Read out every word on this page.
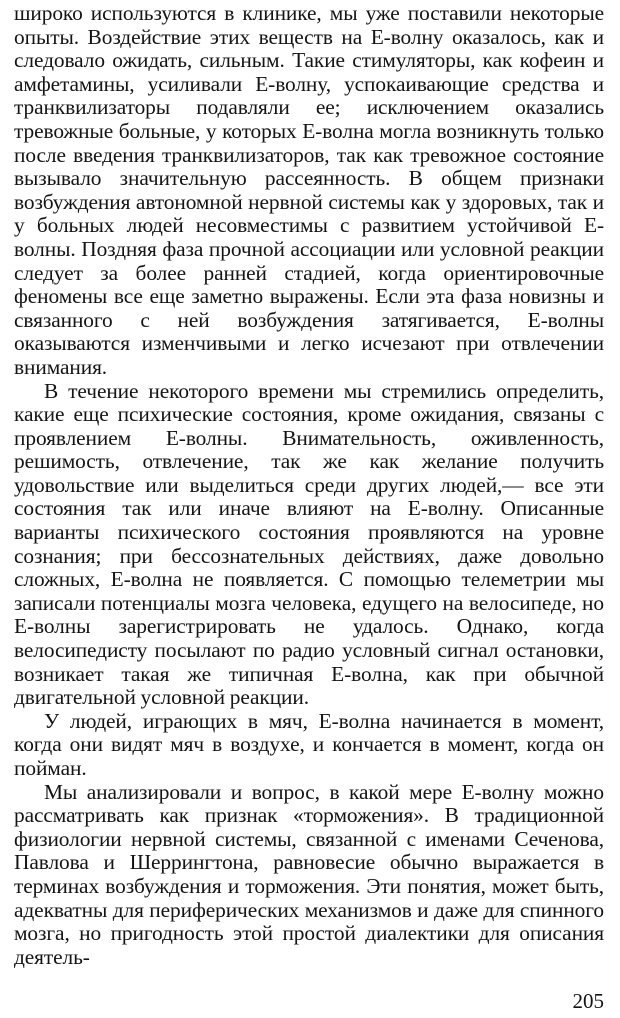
широко используются в клинике, мы уже поставили некоторые опыты. Воздействие этих веществ на E-волну оказалось, как и следовало ожидать, сильным. Такие стимуляторы, как кофеин и амфетамины, усиливали E-волну, успокаивающие средства и транквилизаторы подавляли ее; исключением оказались тревожные больные, у которых E-волна могла возникнуть только после введения транквилизаторов, так как тревожное состояние вызывало значительную рассеянность. В общем признаки возбуждения автономной нервной системы как у здоровых, так и у больных людей несовместимы с развитием устойчивой E-волны. Поздняя фаза прочной ассоциации или условной реакции следует за более ранней стадией, когда ориентировочные феномены все еще заметно выражены. Если эта фаза новизны и связанного с ней возбуждения затягивается, E-волны оказываются изменчивыми и легко исчезают при отвлечении внимания.

В течение некоторого времени мы стремились определить, какие еще психические состояния, кроме ожидания, связаны с проявлением E-волны. Внимательность, оживленность, решимость, отвлечение, так же как желание получить удовольствие или выделиться среди других людей,— все эти состояния так или иначе влияют на E-волну. Описанные варианты психического состояния проявляются на уровне сознания; при бессознательных действиях, даже довольно сложных, E-волна не появляется. С помощью телеметрии мы записали потенциалы мозга человека, едущего на велосипеде, но E-волны зарегистрировать не удалось. Однако, когда велосипедисту посылают по радио условный сигнал остановки, возникает такая же типичная E-волна, как при обычной двигательной условной реакции.

У людей, играющих в мяч, E-волна начинается в момент, когда они видят мяч в воздухе, и кончается в момент, когда он пойман.

Мы анализировали и вопрос, в какой мере E-волну можно рассматривать как признак «торможения». В традиционной физиологии нервной системы, связанной с именами Сеченова, Павлова и Шеррингтона, равновесие обычно выражается в терминах возбуждения и торможения. Эти понятия, может быть, адекватны для периферических механизмов и даже для спинного мозга, но пригодность этой простой диалектики для описания деятель-

205
